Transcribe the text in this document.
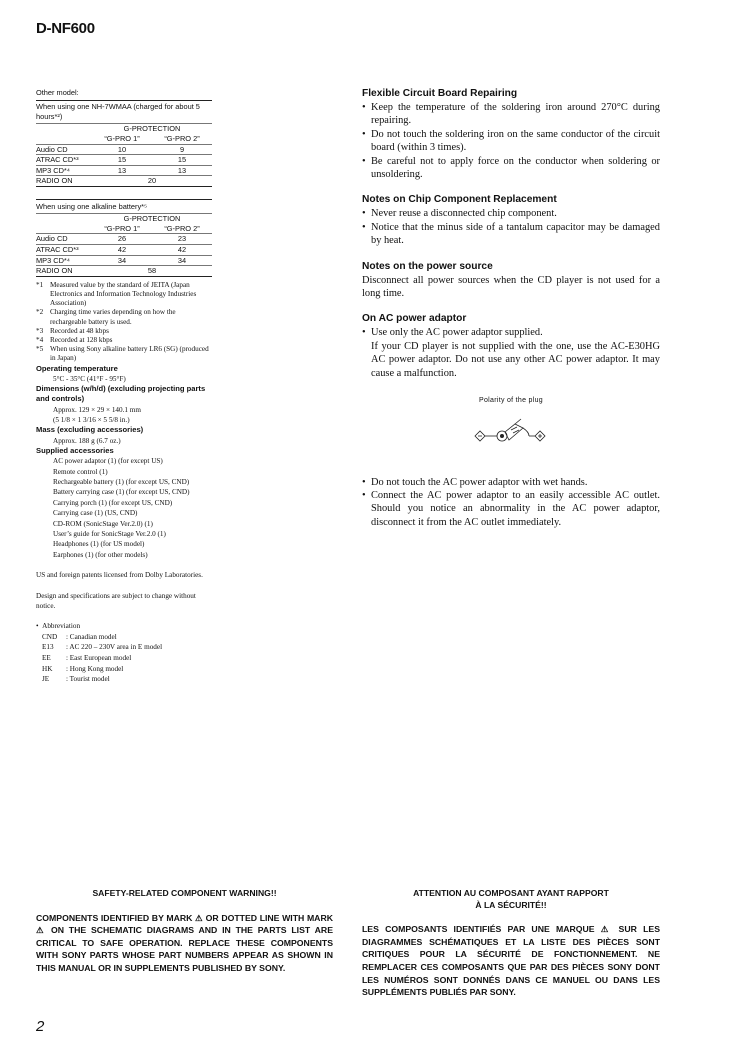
D-NF600
Other model:
When using one NH-7WMAA (charged for about 5 hours*²)
	G-PROTECTION	
	“G-PRO 1”	“G-PRO 2”
Audio CD	10	9
ATRAC CD*³	15	15
MP3 CD*⁴	13	13
RADIO ON	20	
When using one alkaline battery*⁵
	G-PROTECTION	
	“G-PRO 1”	“G-PRO 2”
Audio CD	26	23
ATRAC CD*³	42	42
MP3 CD*⁴	34	34
RADIO ON	58	
*1 Measured value by the standard of JEITA (Japan Electronics and Information Technology Industries Association)
*2 Charging time varies depending on how the rechargeable battery is used.
*3 Recorded at 48 kbps
*4 Recorded at 128 kbps
*5 When using Sony alkaline battery LR6 (SG) (produced in Japan)
Operating temperature
5°C - 35°C (41°F - 95°F)
Dimensions (w/h/d) (excluding projecting parts and controls)
Approx. 129 × 29 × 140.1 mm
(5 1/8 × 1 3/16 × 5 5/8 in.)
Mass (excluding accessories)
Approx. 188 g (6.7 oz.)
Supplied accessories
AC power adaptor (1) (for except US)
Remote control (1)
Rechargeable battery (1) (for except US, CND)
Battery carrying case (1) (for except US, CND)
Carrying porch (1) (for except US, CND)
Carrying case (1) (US, CND)
CD-ROM (SonicStage Ver.2.0) (1)
User’s guide for SonicStage Ver.2.0 (1)
Headphones (1) (for US model)
Earphones (1) (for other models)
US and foreign patents licensed from Dolby Laboratories.
Design and specifications are subject to change without notice.
•  Abbreviation
CND	: Canadian model
E13	: AC 220 – 230V area in E model
EE	: East European model
HK	: Hong Kong model
JE	: Tourist model
Flexible Circuit Board Repairing
• Keep the temperature of the soldering iron around 270°C during repairing.
• Do not touch the soldering iron on the same conductor of the circuit board (within 3 times).
• Be careful not to apply force on the conductor when soldering or unsoldering.
Notes on Chip Component Replacement
• Never reuse a disconnected chip component.
• Notice that the minus side of a tantalum capacitor may be damaged by heat.
Notes on the power source
Disconnect all power sources when the CD player is not used for a long time.
On AC power adaptor
• Use only the AC power adaptor supplied.
If your CD player is not supplied with the one, use the AC-E30HG AC power adaptor. Do not use any other AC power adaptor. It may cause a malfunction.
Polarity of the plug
• Do not touch the AC power adaptor with wet hands.
• Connect the AC power adaptor to an easily accessible AC outlet. Should you notice an abnormality in the AC power adaptor, disconnect it from the AC outlet immediately.
SAFETY-RELATED COMPONENT WARNING!!
COMPONENTS IDENTIFIED BY MARK ⚠ OR DOTTED LINE WITH MARK ⚠ ON THE SCHEMATIC DIAGRAMS AND IN THE PARTS LIST ARE CRITICAL TO SAFE OPERATION. REPLACE THESE COMPONENTS WITH SONY PARTS WHOSE PART NUMBERS APPEAR AS SHOWN IN THIS MANUAL OR IN SUPPLEMENTS PUBLISHED BY SONY.
ATTENTION AU COMPOSANT AYANT RAPPORT
À LA SÉCURITÉ!!
LES COMPOSANTS IDENTIFIÉS PAR UNE MARQUE ⚠ SUR LES DIAGRAMMES SCHÉMATIQUES ET LA LISTE DES PIÈCES SONT CRITIQUES POUR LA SÉCURITÉ DE FONCTIONNEMENT. NE REMPLACER CES COMPOSANTS QUE PAR DES PIÈCES SONY DONT LES NUMÉROS SONT DONNÉS DANS CE MANUEL OU DANS LES SUPPLÉMENTS PUBLIÉS PAR SONY.
2
